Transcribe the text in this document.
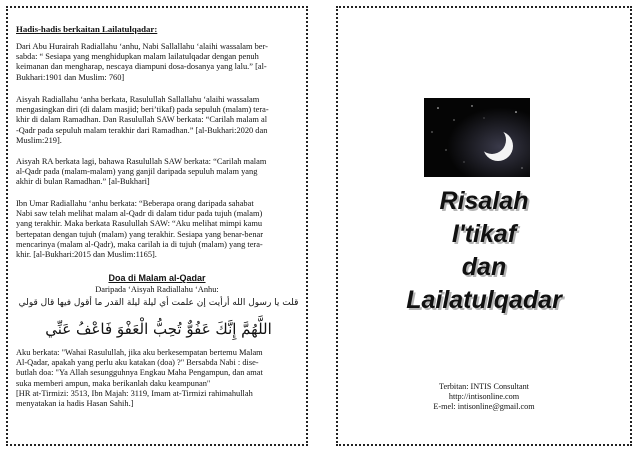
Hadis-hadis berkaitan Lailatulqadar:

Dari Abu Hurairah Radiallahu ‘anhu, Nabi Sallallahu ‘alaihi wassalam ber-
sabda: “ Sesiapa yang menghidupkan malam lailatulqadar dengan penuh
keimanan dan mengharap, nescaya diampuni dosa-dosanya yang lalu.” [al-
Bukhari:1901 dan Muslim: 760]

Aisyah Radiallahu ‘anha berkata, Rasulullah Sallallahu ‘alaihi wassalam
mengasingkan diri (di dalam masjid; beri’tikaf) pada sepuluh (malam) tera-
khir di dalam Ramadhan. Dan Rasulullah SAW berkata: “Carilah malam al
-Qadr pada sepuluh malam terakhir dari Ramadhan.” [al-Bukhari:2020 dan
Muslim:219].

Aisyah RA berkata lagi, bahawa Rasulullah SAW berkata: “Carilah malam
al-Qadr pada (malam-malam) yang ganjil daripada sepuluh malam yang
akhir di bulan Ramadhan.” [al-Bukhari]

Ibn Umar Radiallahu ‘anhu berkata: “Beberapa orang daripada sahabat
Nabi saw telah melihat malam al-Qadr di dalam tidur pada tujuh (malam)
yang terakhir. Maka berkata Rasulullah SAW: “Aku melihat mimpi kamu
bertepatan dengan tujuh (malam) yang terakhir. Sesiapa yang benar-benar
mencarinya (malam al-Qadr), maka carilah ia di tujuh (malam) yang tera-
khir. [al-Bukhari:2015 dan Muslim:1165].

Doa di Malam al-Qadar

Daripada ‘Aisyah Radiallahu ‘Anhu:

قلت يا رسول الله أرأيت إن علمت أي ليلة ليلة القدر ما أقول فيها قال قولي

اللَّهُمَّ إِنَّكَ عَفُوٌّ تُحِبُّ الْعَفْوَ فَاعْفُ عَنِّي

Aku berkata: "Wahai Rasulullah, jika aku berkesempatan bertemu Malam
Al-Qadar, apakah yang perlu aku katakan (doa) ?" Bersabda Nabi : dise-
butlah doa: "Ya Allah sesungguhnya Engkau Maha Pengampun, dan amat
suka memberi ampun, maka berikanlah daku keampunan"
[HR at-Tirmizi: 3513, Ibn Majah: 3119, Imam at-Tirmizi rahimahullah
menyatakan ia hadis Hasan Sahih.]

Risalah

I'tikaf

dan

Lailatulqadar

Terbitan: INTIS Consultant

http://intisonline.com

E-mel: intisonline@gmail.com
